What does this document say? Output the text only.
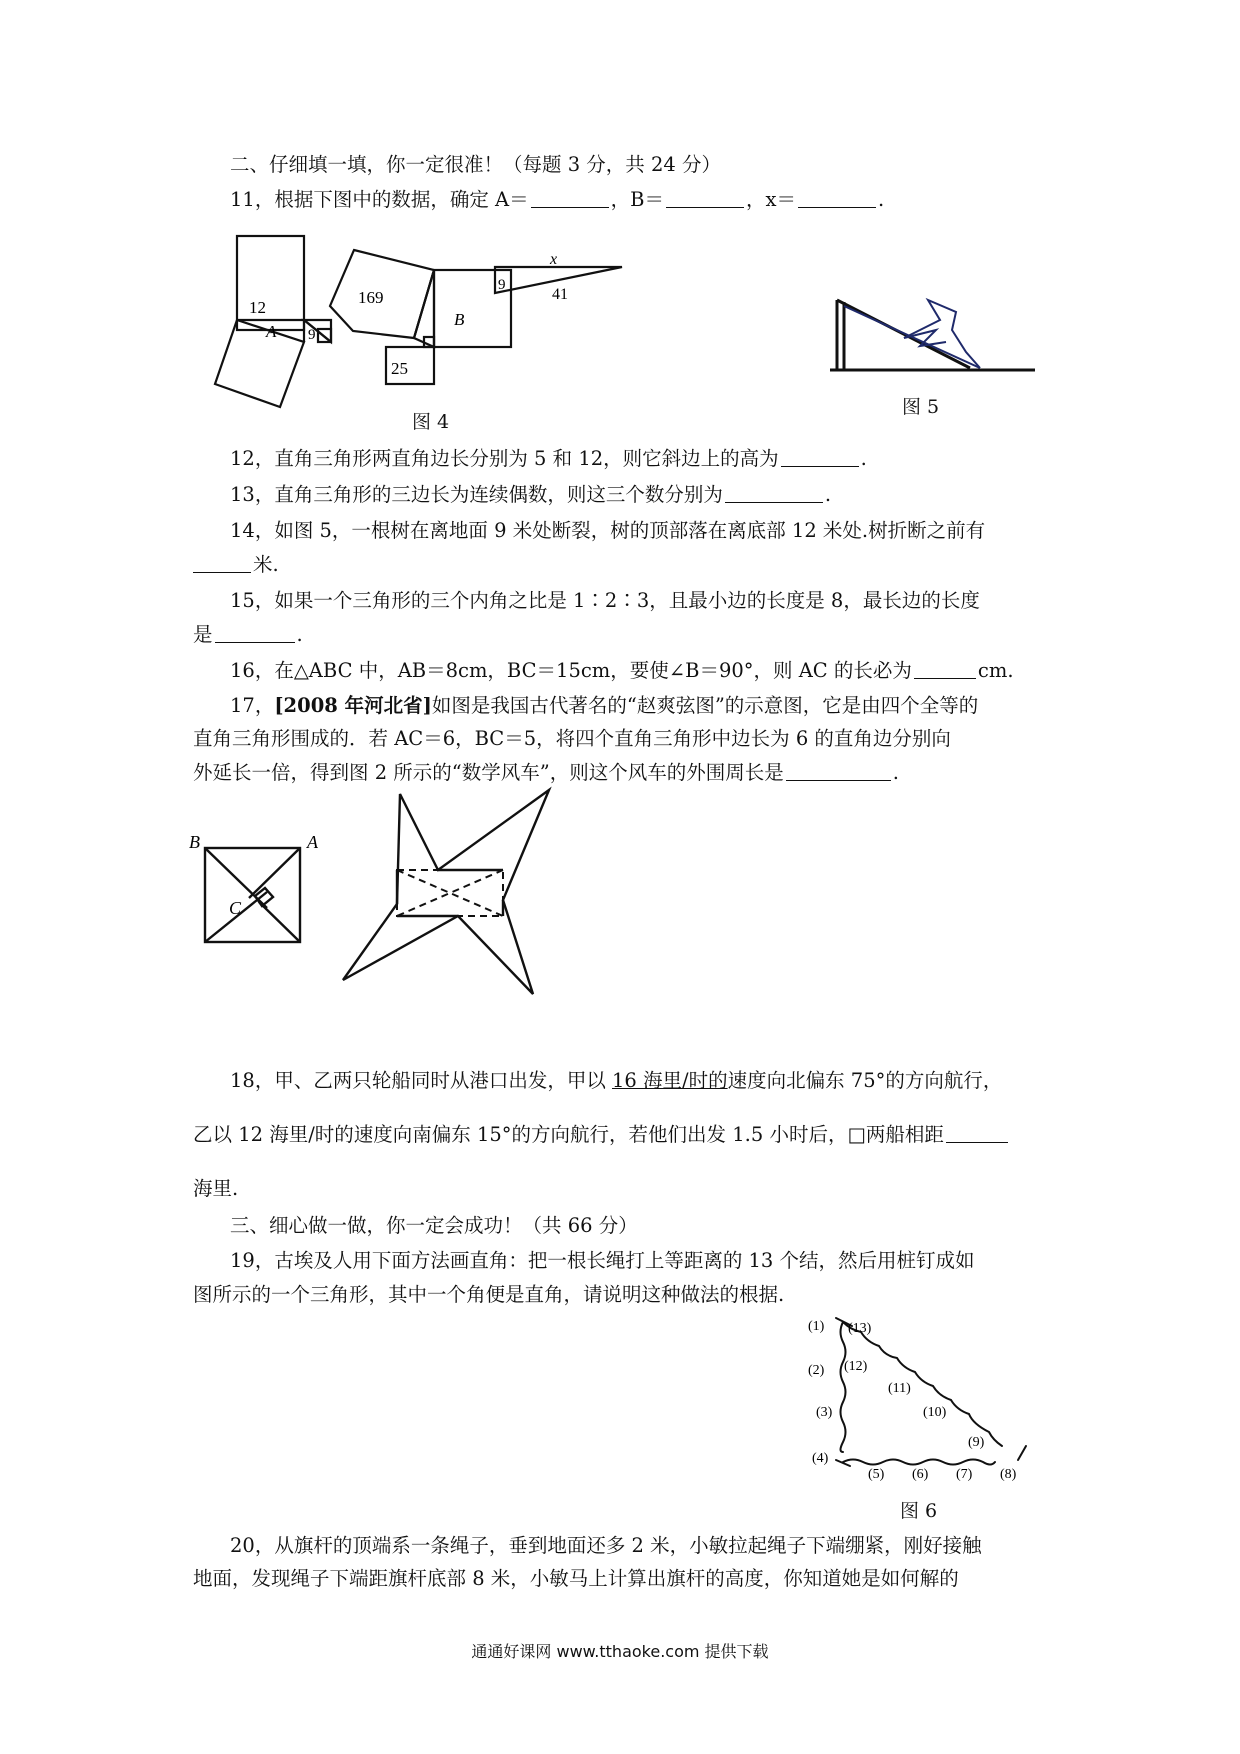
二、仔细填一填，你一定很准！（每题 3 分，共 24 分）
11，根据下图中的数据，确定 A＝	，B＝	，x＝	.
12
A 9
169
B
25
9
x
41
图 4
图 5
12，直角三角形两直角边长分别为 5 和 12，则它斜边上的高为	.
13，直角三角形的三边长为连续偶数，则这三个数分别为	.
14，如图 5，一根树在离地面 9 米处断裂，树的顶部落在离底部 12 米处.树折断之前有
米.
15，如果一个三角形的三个内角之比是 1∶2∶3，且最小边的长度是 8，最长边的长度
是	.
16，在△ABC 中，AB＝8cm，BC＝15cm，要使∠B＝90°，则 AC 的长必为	cm.
17，[2008 年河北省]如图是我国古代著名的“赵爽弦图”的示意图，它是由四个全等的
直角三角形围成的．若 AC＝6，BC＝5，将四个直角三角形中边长为 6 的直角边分别向
外延长一倍，得到图 2 所示的“数学风车”，则这个风车的外围周长是	.
B	A
C
18，甲、乙两只轮船同时从港口出发，甲以 16 海里/时的速度向北偏东 75°的方向航行，
乙以 12 海里/时的速度向南偏东 15°的方向航行，若他们出发 1.5 小时后，□两船相距
海里.
三、细心做一做，你一定会成功！（共 66 分）
19，古埃及人用下面方法画直角：把一根长绳打上等距离的 13 个结，然后用桩钉成如
图所示的一个三角形，其中一个角便是直角，请说明这种做法的根据.
(1) (13)
(2) (12)
(11)
(3)	(10)
(9)
(4)
(5) (6) (7) (8)
图 6
20，从旗杆的顶端系一条绳子，垂到地面还多 2 米，小敏拉起绳子下端绷紧，刚好接触
地面，发现绳子下端距旗杆底部 8 米，小敏马上计算出旗杆的高度，你知道她是如何解的
通通好课网 www.tthaoke.com 提供下载
